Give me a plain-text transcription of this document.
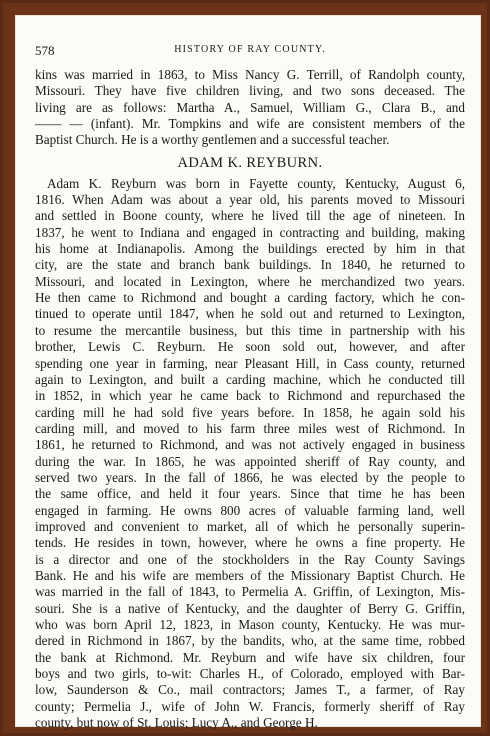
578	HISTORY OF RAY COUNTY.

kins was married in 1863, to Miss Nancy G. Terrill, of Randolph county,
Missouri. They have five children living, and two sons deceased. The
living are as follows: Martha A., Samuel, William G., Clara B., and
—— — (infant). Mr. Tompkins and wife are consistent members of the
Baptist Church. He is a worthy gentlemen and a successful teacher.

ADAM K. REYBURN.

Adam K. Reyburn was born in Fayette county, Kentucky, August 6,
1816. When Adam was about a year old, his parents moved to Missouri
and settled in Boone county, where he lived till the age of nineteen. In
1837, he went to Indiana and engaged in contracting and building, making
his home at Indianapolis. Among the buildings erected by him in that
city, are the state and branch bank buildings. In 1840, he returned to
Missouri, and located in Lexington, where he merchandized two years.
He then came to Richmond and bought a carding factory, which he con-
tinued to operate until 1847, when he sold out and returned to Lexington,
to resume the mercantile business, but this time in partnership with his
brother, Lewis C. Reyburn. He soon sold out, however, and after
spending one year in farming, near Pleasant Hill, in Cass county, returned
again to Lexington, and built a carding machine, which he conducted till
in 1852, in which year he came back to Richmond and repurchased the
carding mill he had sold five years before. In 1858, he again sold his
carding mill, and moved to his farm three miles west of Richmond. In
1861, he returned to Richmond, and was not actively engaged in business
during the war. In 1865, he was appointed sheriff of Ray county, and
served two years. In the fall of 1866, he was elected by the people to
the same office, and held it four years. Since that time he has been
engaged in farming. He owns 800 acres of valuable farming land, well
improved and convenient to market, all of which he personally superin-
tends. He resides in town, however, where he owns a fine property. He
is a director and one of the stockholders in the Ray County Savings
Bank. He and his wife are members of the Missionary Baptist Church. He
was married in the fall of 1843, to Permelia A. Griffin, of Lexington, Mis-
souri. She is a native of Kentucky, and the daughter of Berry G. Griffin,
who was born April 12, 1823, in Mason county, Kentucky. He was mur-
dered in Richmond in 1867, by the bandits, who, at the same time, robbed
the bank at Richmond. Mr. Reyburn and wife have six children, four
boys and two girls, to-wit: Charles H., of Colorado, employed with Bar-
low, Saunderson & Co., mail contractors; James T., a farmer, of Ray
county; Permelia J., wife of John W. Francis, formerly sheriff of Ray
county, but now of St. Louis; Lucy A., and George H.
